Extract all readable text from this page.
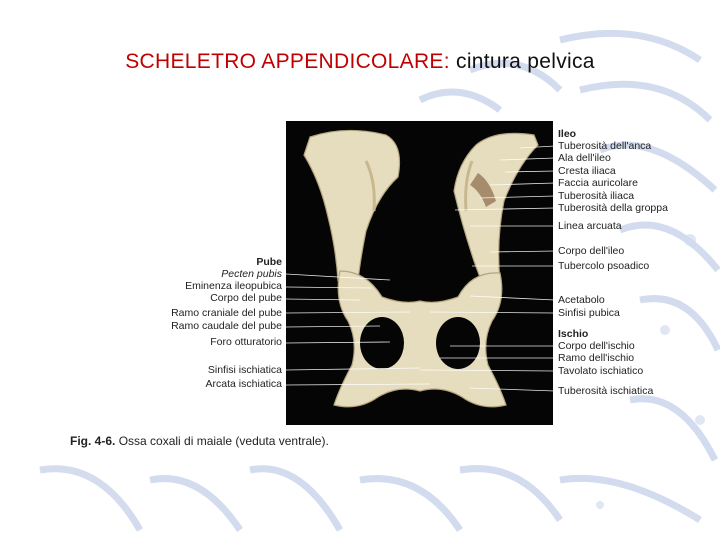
SCHELETRO APPENDICOLARE: cintura pelvica
Ileo
Tuberosità dell'anca
Ala dell'ileo
Cresta iliaca
Faccia auricolare
Tuberosità iliaca
Tuberosità della groppa
Linea arcuata
Corpo dell'ileo
Tubercolo psoadico
Acetabolo
Sinfisi pubica
Ischio
Corpo dell'ischio
Ramo dell'ischio
Tavolato ischiatico
Tuberosità ischiatica
Pube
Pecten pubis
Eminenza ileopubica
Corpo del pube
Ramo craniale del pube
Ramo caudale del pube
Foro otturatorio
Sinfisi ischiatica
Arcata ischiatica
Fig. 4-6. Ossa coxali di maiale (veduta ventrale).
